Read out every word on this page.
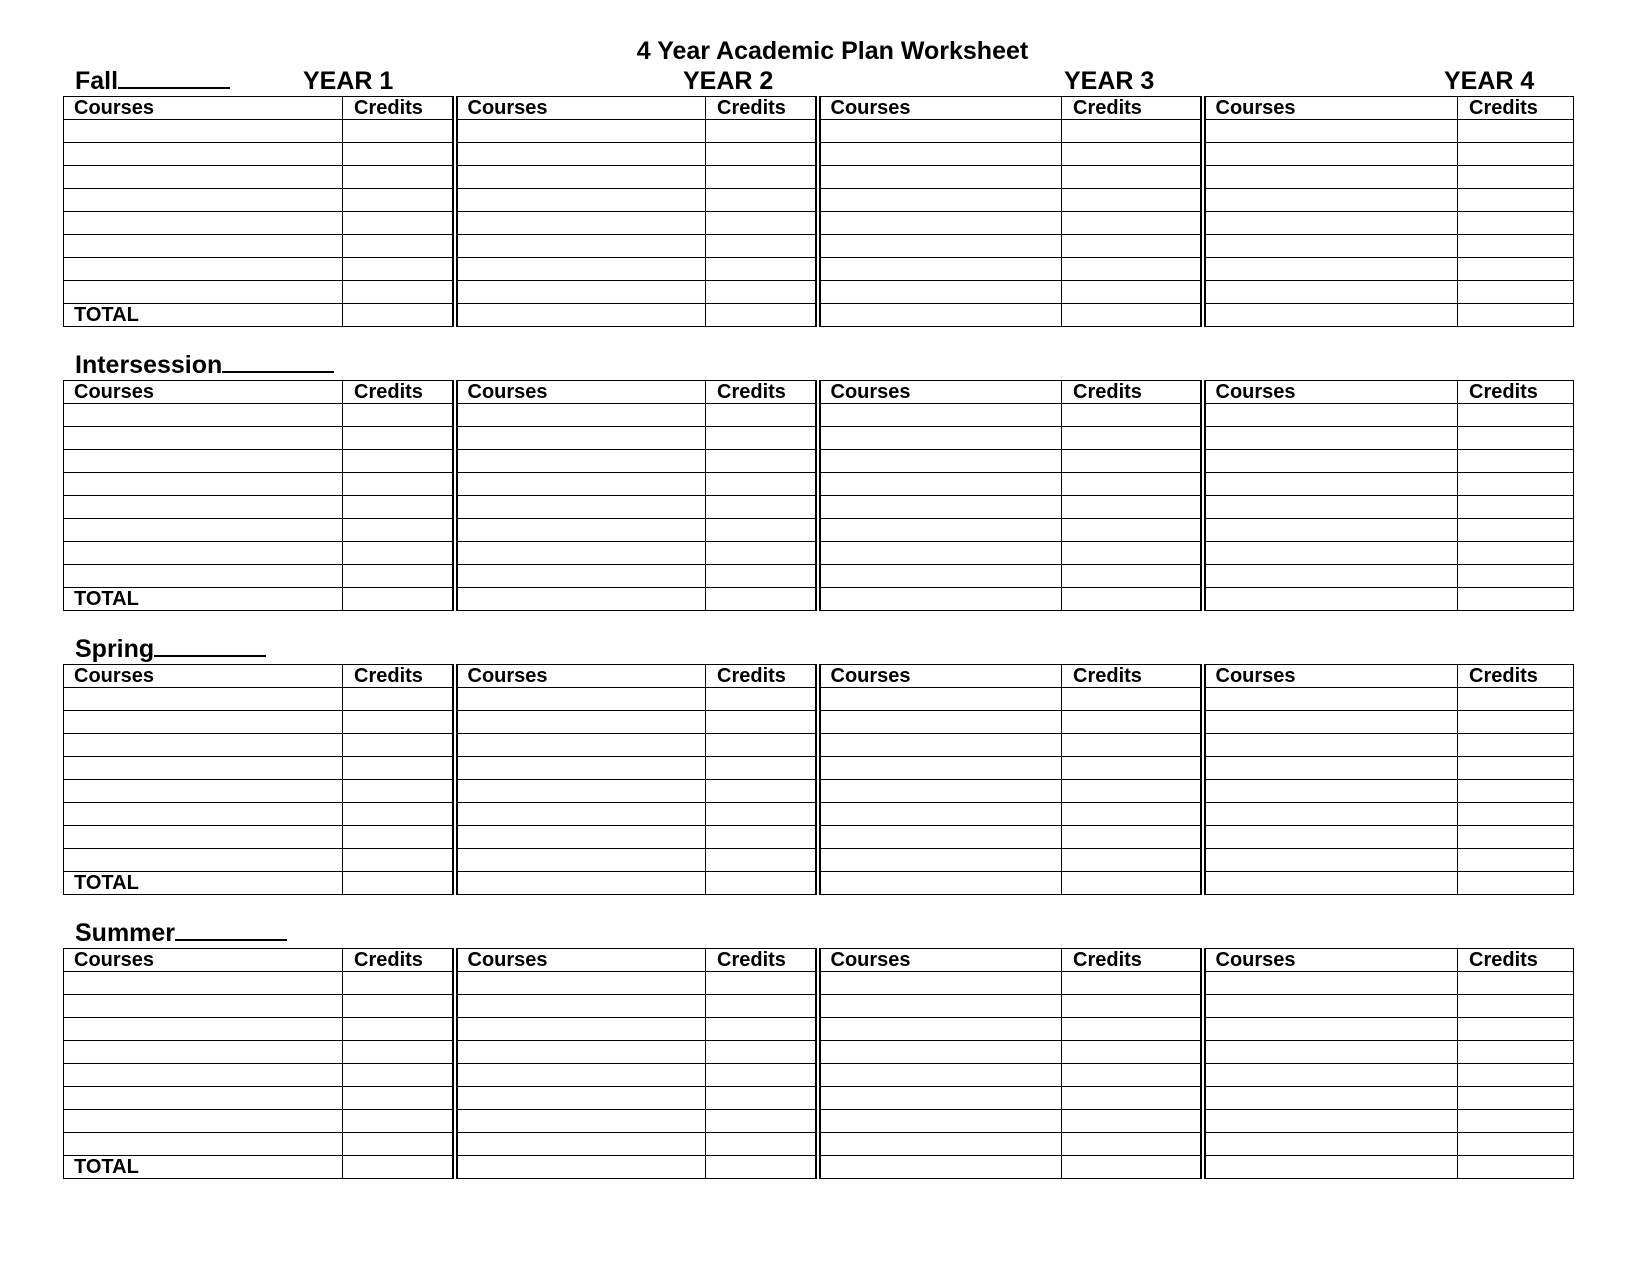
4 Year Academic Plan Worksheet
YEAR 1	YEAR 2	YEAR 3	YEAR 4
Fall
Courses	Credits	Courses	Credits	Courses	Credits	Courses	Credits

TOTAL							
Intersession
Courses	Credits	Courses	Credits	Courses	Credits	Courses	Credits

TOTAL							
Spring
Courses	Credits	Courses	Credits	Courses	Credits	Courses	Credits

TOTAL							
Summer
Courses	Credits	Courses	Credits	Courses	Credits	Courses	Credits

TOTAL							
